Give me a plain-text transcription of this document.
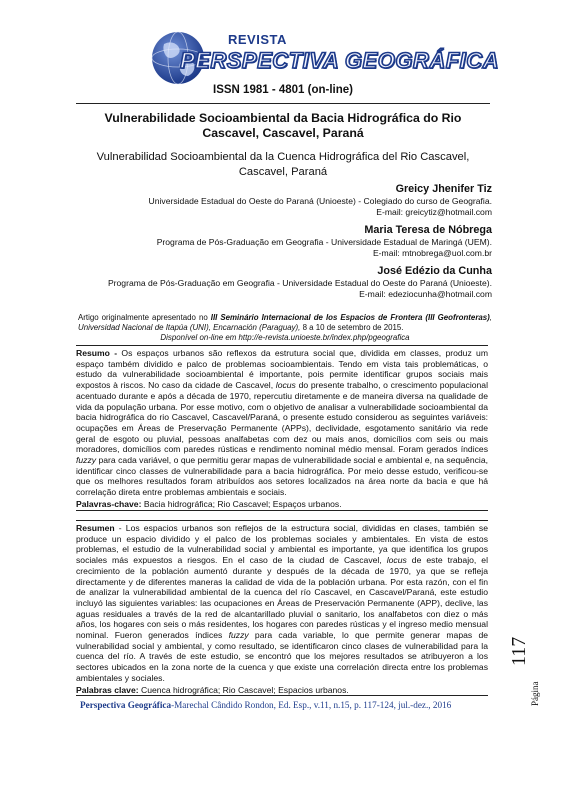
REVISTA
PERSPECTIVA GEOGRÁFICA
ISSN 1981 - 4801 (on-line)
Vulnerabilidade Socioambiental da Bacia Hidrográfica do Rio Cascavel, Cascavel, Paraná
Vulnerabilidad Socioambiental da la Cuenca Hidrográfica del Rio Cascavel, Cascavel, Paraná
Greicy Jhenifer Tiz
Universidade Estadual do Oeste do Paraná (Unioeste) - Colegiado do curso de Geografia.
E-mail: greicytiz@hotmail.com
Maria Teresa de Nóbrega
Programa de Pós-Graduação em Geografia - Universidade Estadual de Maringá (UEM).
E-mail: mtnobrega@uol.com.br
José Edézio da Cunha
Programa de Pós-Graduação em Geografia - Universidade Estadual do Oeste do Paraná (Unioeste).
E-mail: edeziocunha@hotmail.com
Artigo originalmente apresentado no III Seminário Internacional de los Espacios de Frontera (III Geofronteras), Universidad Nacional de Itapúa (UNI), Encarnación (Paraguay), 8 a 10 de setembro de 2015.
Disponível on-line em http://e-revista.unioeste.br/index.php/pgeografica

Resumo - Os espaços urbanos são reflexos da estrutura social que, dividida em classes, produz um espaço também dividido e palco de problemas socioambientais. Tendo em vista tais problemáticas, o estudo da vulnerabilidade socioambiental é importante, pois permite identificar grupos sociais mais expostos à riscos. No caso da cidade de Cascavel, locus do presente trabalho, o crescimento populacional acentuado durante e após a década de 1970, repercutiu diretamente e de maneira diversa na qualidade de vida da população urbana. Por esse motivo, com o objetivo de analisar a vulnerabilidade socioambiental da bacia hidrográfica do rio Cascavel, Cascavel/Paraná, o presente estudo considerou as seguintes variáveis: ocupações em Áreas de Preservação Permanente (APPs), declividade, esgotamento sanitário via rede geral de esgoto ou pluvial, pessoas analfabetas com dez ou mais anos, domicílios com seis ou mais moradores, domicílios com paredes rústicas e rendimento nominal médio mensal. Foram gerados índices fuzzy para cada variável, o que permitiu gerar mapas de vulnerabilidade social e ambiental e, na sequência, identificar cinco classes de vulnerabilidade para a bacia hidrográfica. Por meio desse estudo, verificou-se que os melhores resultados foram atribuídos aos setores localizados na área norte da bacia e que há correlação direta entre problemas ambientais e sociais.

Palavras-chave: Bacia hidrográfica; Rio Cascavel; Espaços urbanos.

Resumen - Los espacios urbanos son reflejos de la estructura social, divididas en clases, también se produce un espacio dividido y el palco de los problemas sociales y ambientales. En vista de estos problemas, el estudio de la vulnerabilidad social y ambiental es importante, ya que identifica los grupos sociales más expuestos a riesgos. En el caso de la ciudad de Cascavel, locus de este trabajo, el crecimiento de la población aumentó durante y después de la década de 1970, ya que se refleja directamente y de diferentes maneras la calidad de vida de la población urbana. Por esta razón, con el fin de analizar la vulnerabilidad ambiental de la cuenca del río Cascavel, en Cascavel/Paraná, este estudio incluyó las siguientes variables: las ocupaciones en Áreas de Preservación Permanente (APP), declive, las aguas residuales a través de la red de alcantarillado pluvial o sanitario, los analfabetos con diez o más años, los hogares con seis o más residentes, los hogares con paredes rústicas y el ingreso medio mensual nominal. Fueron generados índices fuzzy para cada variable, lo que permite generar mapas de vulnerabilidad social y ambiental, y como resultado, se identificaron cinco clases de vulnerabilidad para la cuenca del río. A través de este estudio, se encontró que los mejores resultados se atribuyeron a los sectores ubicados en la zona norte de la cuenca y que existe una correlación directa entre los problemas ambientales y sociales.

Palabras clave: Cuenca hidrográfica; Rio Cascavel; Espacios urbanos.

117
Página
Perspectiva Geográfica-Marechal Cândido Rondon, Ed. Esp., v.11, n.15, p. 117-124, jul.-dez., 2016
